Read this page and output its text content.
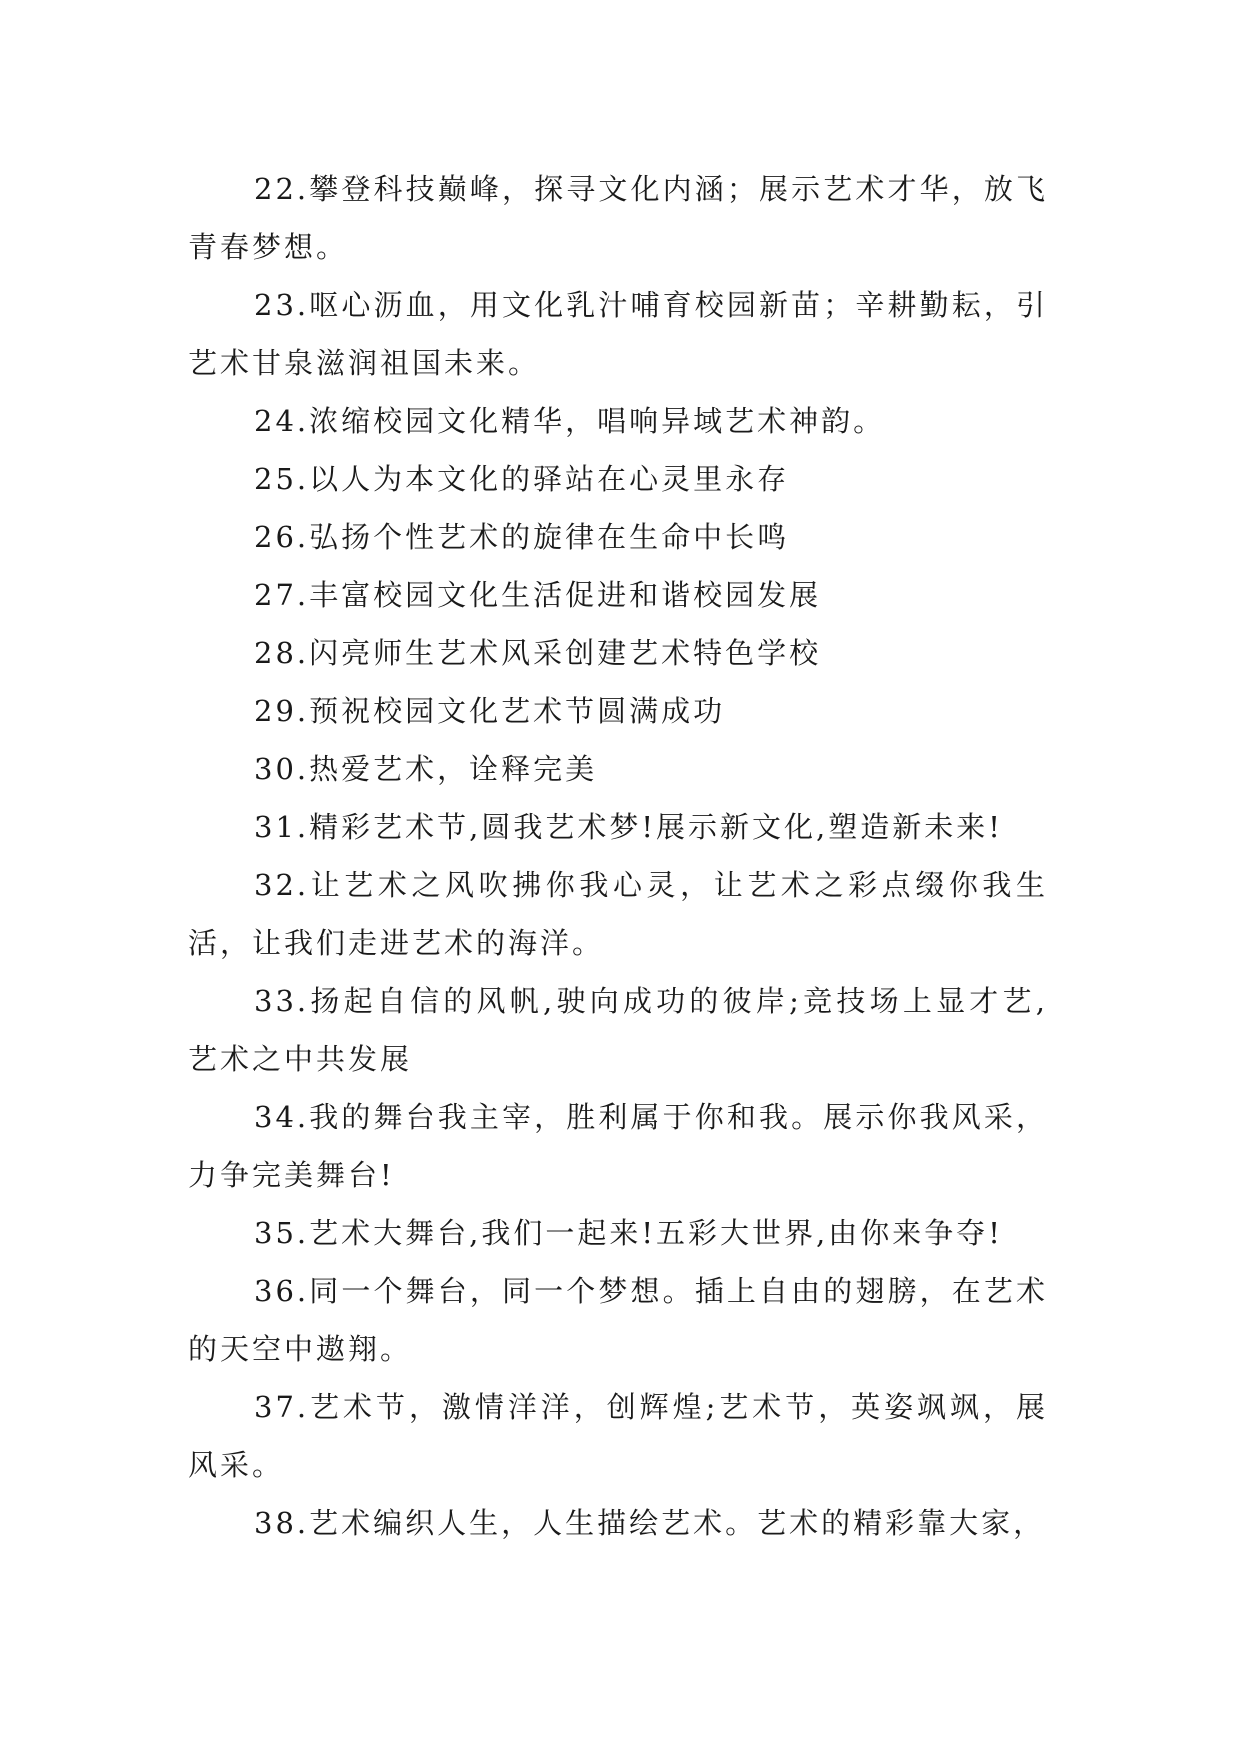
22.攀登科技巅峰，探寻文化内涵；展示艺术才华，放飞青春梦想。

23.呕心沥血，用文化乳汁哺育校园新苗；辛耕勤耘，引艺术甘泉滋润祖国未来。

24.浓缩校园文化精华，唱响异域艺术神韵。

25.以人为本文化的驿站在心灵里永存

26.弘扬个性艺术的旋律在生命中长鸣

27.丰富校园文化生活促进和谐校园发展

28.闪亮师生艺术风采创建艺术特色学校

29.预祝校园文化艺术节圆满成功

30.热爱艺术，诠释完美

31.精彩艺术节,圆我艺术梦!展示新文化,塑造新未来!

32.让艺术之风吹拂你我心灵，让艺术之彩点缀你我生活，让我们走进艺术的海洋。

33.扬起自信的风帆,驶向成功的彼岸;竞技场上显才艺,艺术之中共发展

34.我的舞台我主宰，胜利属于你和我。展示你我风采，力争完美舞台!

35.艺术大舞台,我们一起来!五彩大世界,由你来争夺!

36.同一个舞台，同一个梦想。插上自由的翅膀，在艺术的天空中遨翔。

37.艺术节，激情洋洋，创辉煌;艺术节，英姿飒飒，展风采。

38.艺术编织人生，人生描绘艺术。艺术的精彩靠大家，
